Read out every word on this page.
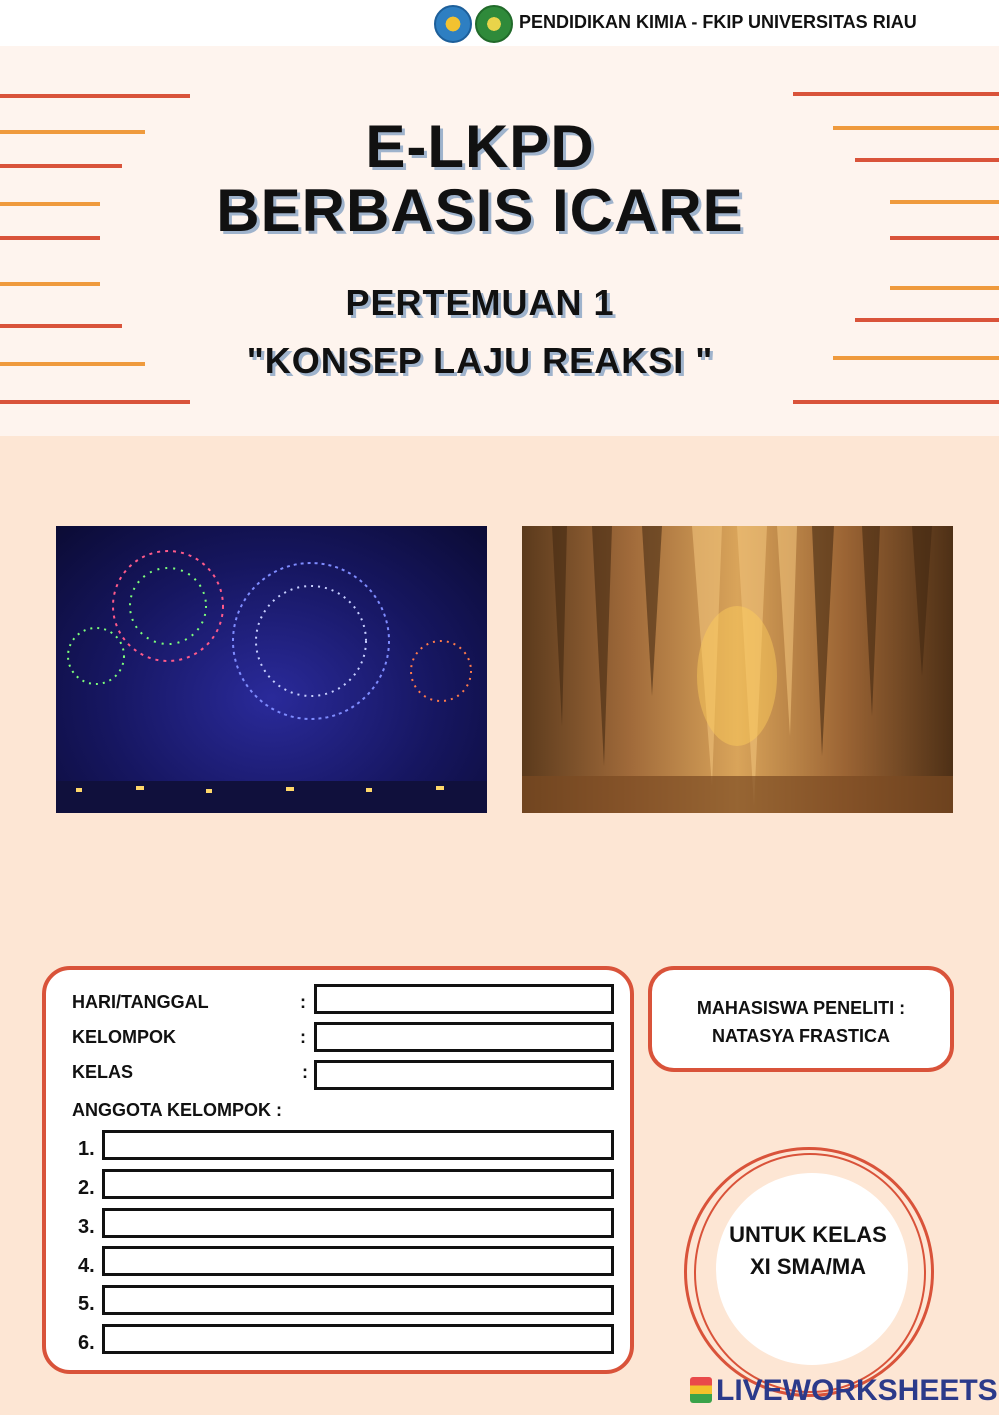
PENDIDIKAN KIMIA - FKIP UNIVERSITAS RIAU
E-LKPD
BERBASIS ICARE
PERTEMUAN 1
"KONSEP LAJU REAKSI "
HARI/TANGGAL	:
KELOMPOK	:
KELAS	:
ANGGOTA KELOMPOK :
1.
2.
3.
4.
5.
6.
MAHASISWA PENELITI :
NATASYA FRASTICA
UNTUK KELAS
XI SMA/MA
LIVEWORKSHEETS
